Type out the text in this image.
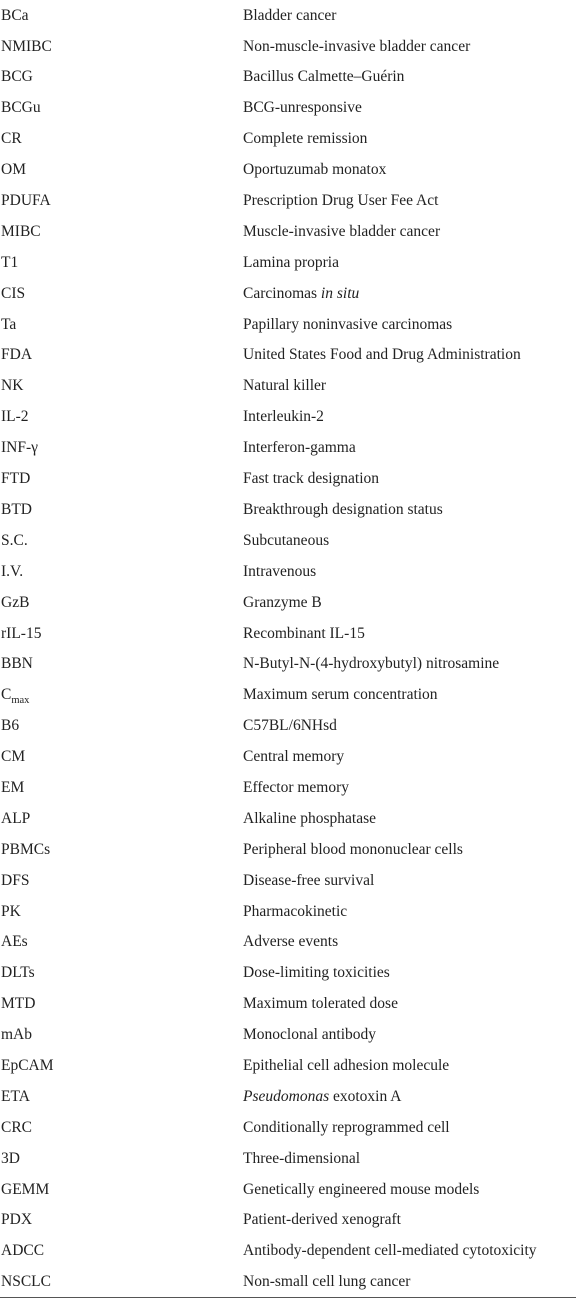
BCa	Bladder cancer
NMIBC	Non-muscle-invasive bladder cancer
BCG	Bacillus Calmette–Guérin
BCGu	BCG-unresponsive
CR	Complete remission
OM	Oportuzumab monatox
PDUFA	Prescription Drug User Fee Act
MIBC	Muscle-invasive bladder cancer
T1	Lamina propria
CIS	Carcinomas in situ
Ta	Papillary noninvasive carcinomas
FDA	United States Food and Drug Administration
NK	Natural killer
IL-2	Interleukin-2
INF-γ	Interferon-gamma
FTD	Fast track designation
BTD	Breakthrough designation status
S.C.	Subcutaneous
I.V.	Intravenous
GzB	Granzyme B
rIL-15	Recombinant IL-15
BBN	N-Butyl-N-(4-hydroxybutyl) nitrosamine
$C_{max}$	Maximum serum concentration
B6	C57BL/6NHsd
CM	Central memory
EM	Effector memory
ALP	Alkaline phosphatase
PBMCs	Peripheral blood mononuclear cells
DFS	Disease-free survival
PK	Pharmacokinetic
AEs	Adverse events
DLTs	Dose-limiting toxicities
MTD	Maximum tolerated dose
mAb	Monoclonal antibody
EpCAM	Epithelial cell adhesion molecule
ETA	Pseudomonas exotoxin A
CRC	Conditionally reprogrammed cell
3D	Three-dimensional
GEMM	Genetically engineered mouse models
PDX	Patient-derived xenograft
ADCC	Antibody-dependent cell-mediated cytotoxicity
NSCLC	Non-small cell lung cancer
